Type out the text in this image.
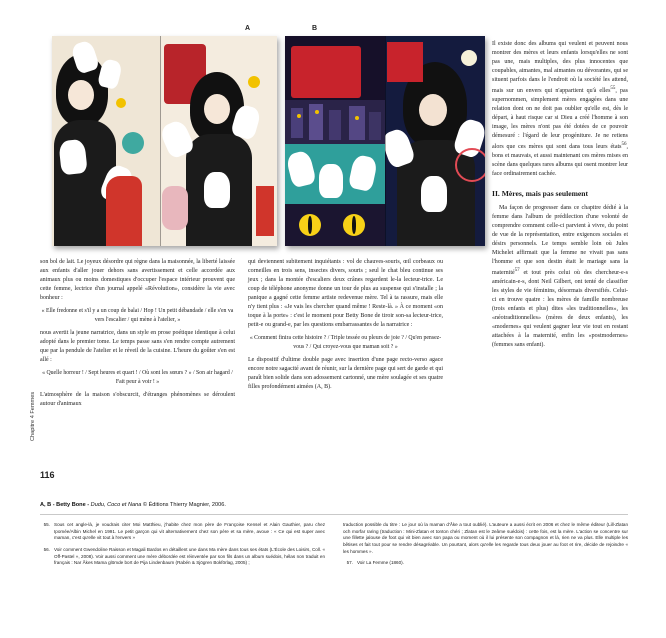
A	B

son bol de lait. Le joyeux désordre qui règne dans la maisonnée, la liberté laissée aux enfants d'aller jouer dehors sans avertissement et celle accordée aux animaux plus ou moins domestiques d'occuper l'espace intérieur prouvent que cette femme, lectrice d'un journal appelé «Révolution», considère la vie avec bonheur :

« Elle fredonne et s'il y a un coup de balai / Hop ! Un petit débandade / elle s'en va vers l'escalier / qui mène à l'atelier, »

nous avertit la jeune narratrice, dans un style en prose poétique identique à celui adopté dans le premier tome. Le temps passe sans s'en rendre compte autrement que par la pendule de l'atelier et le réveil de la cuisine. L'heure du goûter s'en est allé :

« Quelle horreur ! / Sept heures et quart ! / Où sont les sœurs ? » / Son air hagard / Fait peur à voir ! »

L'atmosphère de la maison s'obscurcit, d'étranges phénomènes se déroulent autour d'animaux

qui deviennent subitement inquiétants : vol de chauves-souris, œil corbeaux ou corneilles en trois sens, insectes divers, souris ; seul le chat bleu continue ses jeux ; dans la montée d'escaliers deux crânes regardent le-la lecteur-trice. Le coup de téléphone anonyme donne un tour de plus au suspense qui s'installe ; la panique a gagné cette femme artiste redevenue mère. Tel à ta rassure, mais elle n'y tient plus : «Je vais les chercher quand même ! Reste-là. » À ce moment «on toque à la porte» : c'est le moment pour Betty Bone de tiroir son-sa lecteur-trice, petit-e ou grand-e, par les questions embarrassantes de la narratrice :

« Comment finira cette histoire ? / Triple tessée ou pleurs de joie ? / Qu'en pensez-vous ? / Qui croyez-vous que maman soit ? »

Le dispositif d'ultime double page avec insertion d'une page recto-verso agace encore notre sagacité avant de réunir, sur la dernière page qui sert de garde et qui paraît bien solide dans son adossement cartonné, une mère soulagée et ses quatre filles profondément aimées (A, B).

Il existe donc des albums qui veulent et peuvent nous montrer des mères et leurs enfants lorsqu'elles ne sont pas une, mais multiples, des plus innocentes que coupables, aimantes, mal aimantes ou dévorantes, qui se situent parfois dans le l'endroit où la société les attend, mais sur un envers qui n'appartient qu'à elles$^{55}$, pas supernommen, simplement mères engagées dans une relation dont on ne doit pas oublier qu'elle est, dès le départ, à haut risque car si Dieu a créé l'homme à son image, les mères n'ont pas été dotées de ce pouvoir démesuré : l'égard de leur progéniture. Je ne retiens alors que ces mères qui sont dans tous leurs états$^{56}$, bons et mauvais, et aussi maintenant ces mères mises en scène dans quelques rares albums qui osent montrer leur face ordinairement cachée.

II. Mères, mais pas seulement

Ma façon de progresser dans ce chapitre dédié à la femme dans l'album de prédilection d'une volonté de comprendre comment celle-ci parvient à vivre, du point de vue de la représentation, entre exigences sociales et désirs personnels. Le temps semble loin où Jules Michelet affirmait que la femme ne vivait pas sans l'homme et que son destin était le mariage sans la maternité$^{57}$ et tout près celui où des chercheur-e-s américain-e-s, dont Neil Gilbert, ont tenté de classifier les styles de vie féminins, désormais diversifiés. Celui-ci en trouve quatre : les mères de famille nombreuse (trois enfants et plus) dites «les traditionnelles», les «néotraditionnelles» (mères de deux enfants), les «modernes» qui veulent gagner leur vie tout en restant attachées à la maternité, enfin les «postmodernes» (femmes sans enfant).

116
Chapitre 4 Femmes
A, B - Betty Bone - Dudu, Coco et Nana © Éditions Thierry Magnier, 2006.
55. Sous cet angle-là, je voudrais citer Moi Matthieu, j'habite chez mon père de Françoise Kensel et Alain Gauthier, paru chez Ipomée/Albin Michel en 1991. Le petit garçon qui vit alternativement chez son père et sa mère, avoue : « Ce qui est super avec maman, c'est qu'elle vit tout à l'envers »
56. Voir comment Gwendoline Raisson et Magali Bardos en détaillent une dans Ma mère dans tous ses états (L'École des Loisirs, Coll. « Off-Pastel », 2008). Voir aussi comment une mère débordée est réinventée par son fils dans un album suédois, hélas non traduit en français : Nar Åkes Mama glömde bort de Pija Lindenbaum (Rabén & Sjögren Bokförlag, 2005) ;
traduction possible du titre : Le jour où la maman d'Åke a tout oublié). L'auteure a aussi écrit en 2006 et chez le même éditeur (Lill-Zlatan och morfar raring (traduction : Mini-Zlatan et tonton chéri ; Zlatan est le 2eâme suédois) : cette fois, est la mère. L'action se concentre sur une fillette jalouse de foot qui vit bien avec son papa ou moment où il lui présente son compagnon et là, rien ne va plus. Elle multiple les bêtises et fait tout pour se rendre désagréable. Un pourtant, alors qu'elle les regarde tous deux jouer au foot et rire, décide de rejoindre « les hommes ».
57. Voir La Femme (1860).
